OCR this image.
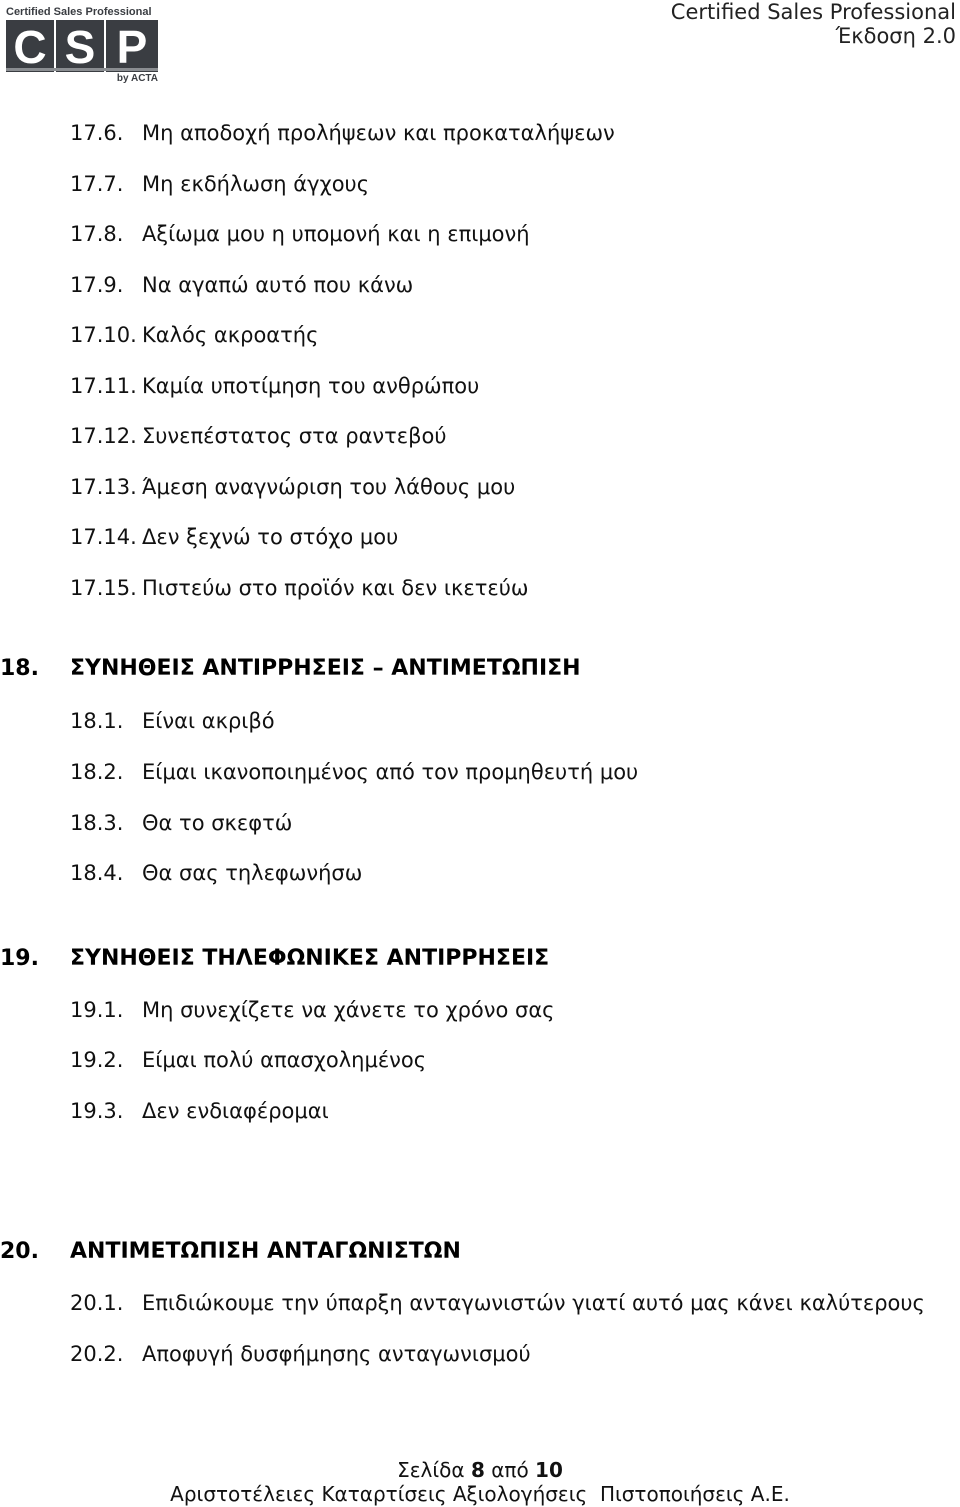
Certified Sales Professional
C S P
by ACTA
Certified Sales Professional
Έκδοση 2.0
17.6. Μη αποδοχή προλήψεων και προκαταλήψεων
17.7. Μη εκδήλωση άγχους
17.8. Αξίωμα μου η υπομονή και η επιμονή
17.9. Να αγαπώ αυτό που κάνω
17.10. Καλός ακροατής
17.11. Καμία υποτίμηση του ανθρώπου
17.12. Συνεπέστατος στα ραντεβού
17.13. Άμεση αναγνώριση του λάθους μου
17.14. Δεν ξεχνώ το στόχο μου
17.15. Πιστεύω στο προϊόν και δεν ικετεύω
18. ΣΥΝΗΘΕΙΣ ΑΝΤΙΡΡΗΣΕΙΣ – ΑΝΤΙΜΕΤΩΠΙΣΗ
18.1. Είναι ακριβό
18.2. Είμαι ικανοποιημένος από τον προμηθευτή μου
18.3. Θα το σκεφτώ
18.4. Θα σας τηλεφωνήσω
19. ΣΥΝΗΘΕΙΣ ΤΗΛΕΦΩΝΙΚΕΣ ΑΝΤΙΡΡΗΣΕΙΣ
19.1. Μη συνεχίζετε να χάνετε το χρόνο σας
19.2. Είμαι πολύ απασχολημένος
19.3. Δεν ενδιαφέρομαι
20. ΑΝΤΙΜΕΤΩΠΙΣΗ ΑΝΤΑΓΩΝΙΣΤΩΝ
20.1. Επιδιώκουμε την ύπαρξη ανταγωνιστών γιατί αυτό μας κάνει καλύτερους
20.2. Αποφυγή δυσφήμησης ανταγωνισμού
Σελίδα 8 από 10
Αριστοτέλειες Καταρτίσεις Αξιολογήσεις  Πιστοποιήσεις Α.Ε.
